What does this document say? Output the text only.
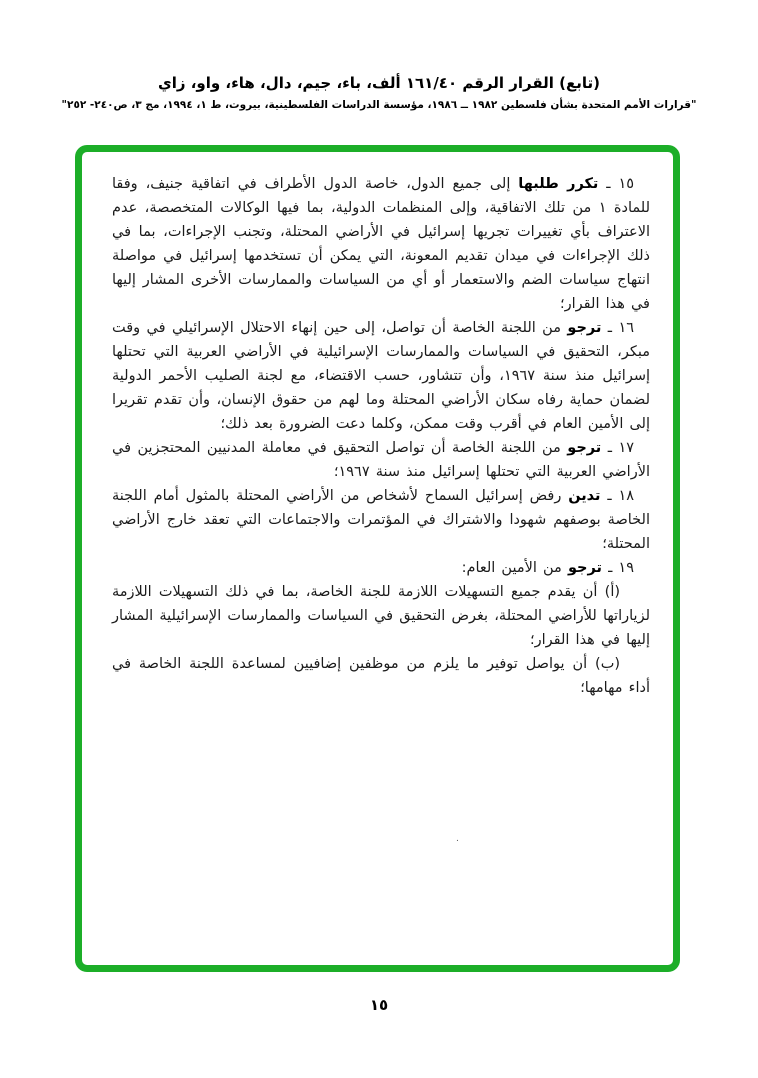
(تابع) القرار الرقم ١٦١/٤٠ ألف، باء، جيم، دال، هاء، واو، زاي
"قرارات الأمم المتحدة بشأن فلسطين ١٩٨٢ ــ ١٩٨٦، مؤسسة الدراسات الفلسطينية، بيروت، ط ١، ١٩٩٤، مج ٣، ص٢٤٠- ٢٥٢"

١٥ ـ تكرر طلبها إلى جميع الدول، خاصة الدول الأطراف في اتفاقية جنيف، وفقا للمادة ١ من تلك الاتفاقية، وإلى المنظمات الدولية، بما فيها الوكالات المتخصصة، عدم الاعتراف بأي تغييرات تجريها إسرائيل في الأراضي المحتلة، وتجنب الإجراءات، بما في ذلك الإجراءات في ميدان تقديم المعونة، التي يمكن أن تستخدمها إسرائيل في مواصلة انتهاج سياسات الضم والاستعمار أو أي من السياسات والممارسات الأخرى المشار إليها في هذا القرار؛

١٦ ـ ترجو من اللجنة الخاصة أن تواصل، إلى حين إنهاء الاحتلال الإسرائيلي في وقت مبكر، التحقيق في السياسات والممارسات الإسرائيلية في الأراضي العربية التي تحتلها إسرائيل منذ سنة ١٩٦٧، وأن تتشاور، حسب الاقتضاء، مع لجنة الصليب الأحمر الدولية لضمان حماية رفاه سكان الأراضي المحتلة وما لهم من حقوق الإنسان، وأن تقدم تقريرا إلى الأمين العام في أقرب وقت ممكن، وكلما دعت الضرورة بعد ذلك؛

١٧ ـ ترجو من اللجنة الخاصة أن تواصل التحقيق في معاملة المدنيين المحتجزين في الأراضي العربية التي تحتلها إسرائيل منذ سنة ١٩٦٧؛

١٨ ـ تدين رفض إسرائيل السماح لأشخاص من الأراضي المحتلة بالمثول أمام اللجنة الخاصة بوصفهم شهودا والاشتراك في المؤتمرات والاجتماعات التي تعقد خارج الأراضي المحتلة؛

١٩ ـ ترجو من الأمين العام:

(أ) أن يقدم جميع التسهيلات اللازمة للجنة الخاصة، بما في ذلك التسهيلات اللازمة لزياراتها للأراضي المحتلة، بغرض التحقيق في السياسات والممارسات الإسرائيلية المشار إليها في هذا القرار؛

(ب) أن يواصل توفير ما يلزم من موظفين إضافيين لمساعدة اللجنة الخاصة في أداء مهامها؛

.
١٥
